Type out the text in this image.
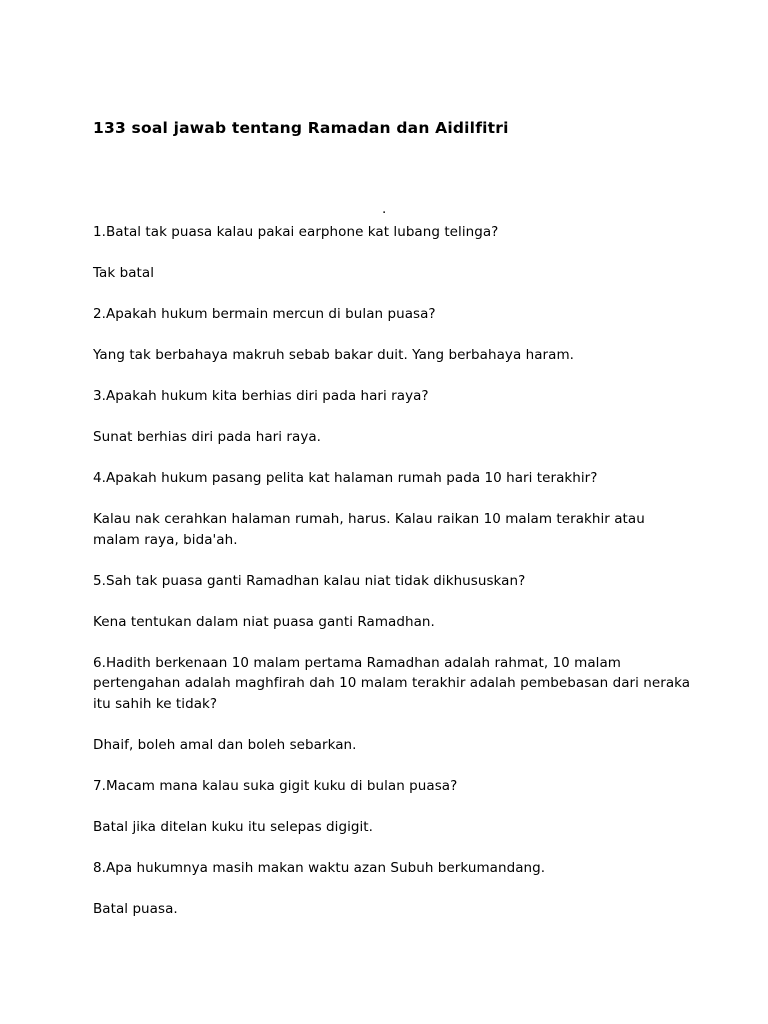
133 soal jawab tentang Ramadan dan Aidilfitri
.

1.Batal tak puasa kalau pakai earphone kat lubang telinga?

Tak batal

2.Apakah hukum bermain mercun di bulan puasa?

Yang tak berbahaya makruh sebab bakar duit. Yang berbahaya haram.

3.Apakah hukum kita berhias diri pada hari raya?

Sunat berhias diri pada hari raya.

4.Apakah hukum pasang pelita kat halaman rumah pada 10 hari terakhir?

Kalau nak cerahkan halaman rumah, harus. Kalau raikan 10 malam terakhir atau malam raya, bida'ah.

5.Sah tak puasa ganti Ramadhan kalau niat tidak dikhususkan?

Kena tentukan dalam niat puasa ganti Ramadhan.

6.Hadith berkenaan 10 malam pertama Ramadhan adalah rahmat, 10 malam pertengahan adalah maghfirah dah 10 malam terakhir adalah pembebasan dari neraka itu sahih ke tidak?

Dhaif, boleh amal dan boleh sebarkan.

7.Macam mana kalau suka gigit kuku di bulan puasa?

Batal jika ditelan kuku itu selepas digigit.

8.Apa hukumnya masih makan waktu azan Subuh berkumandang.

Batal puasa.
